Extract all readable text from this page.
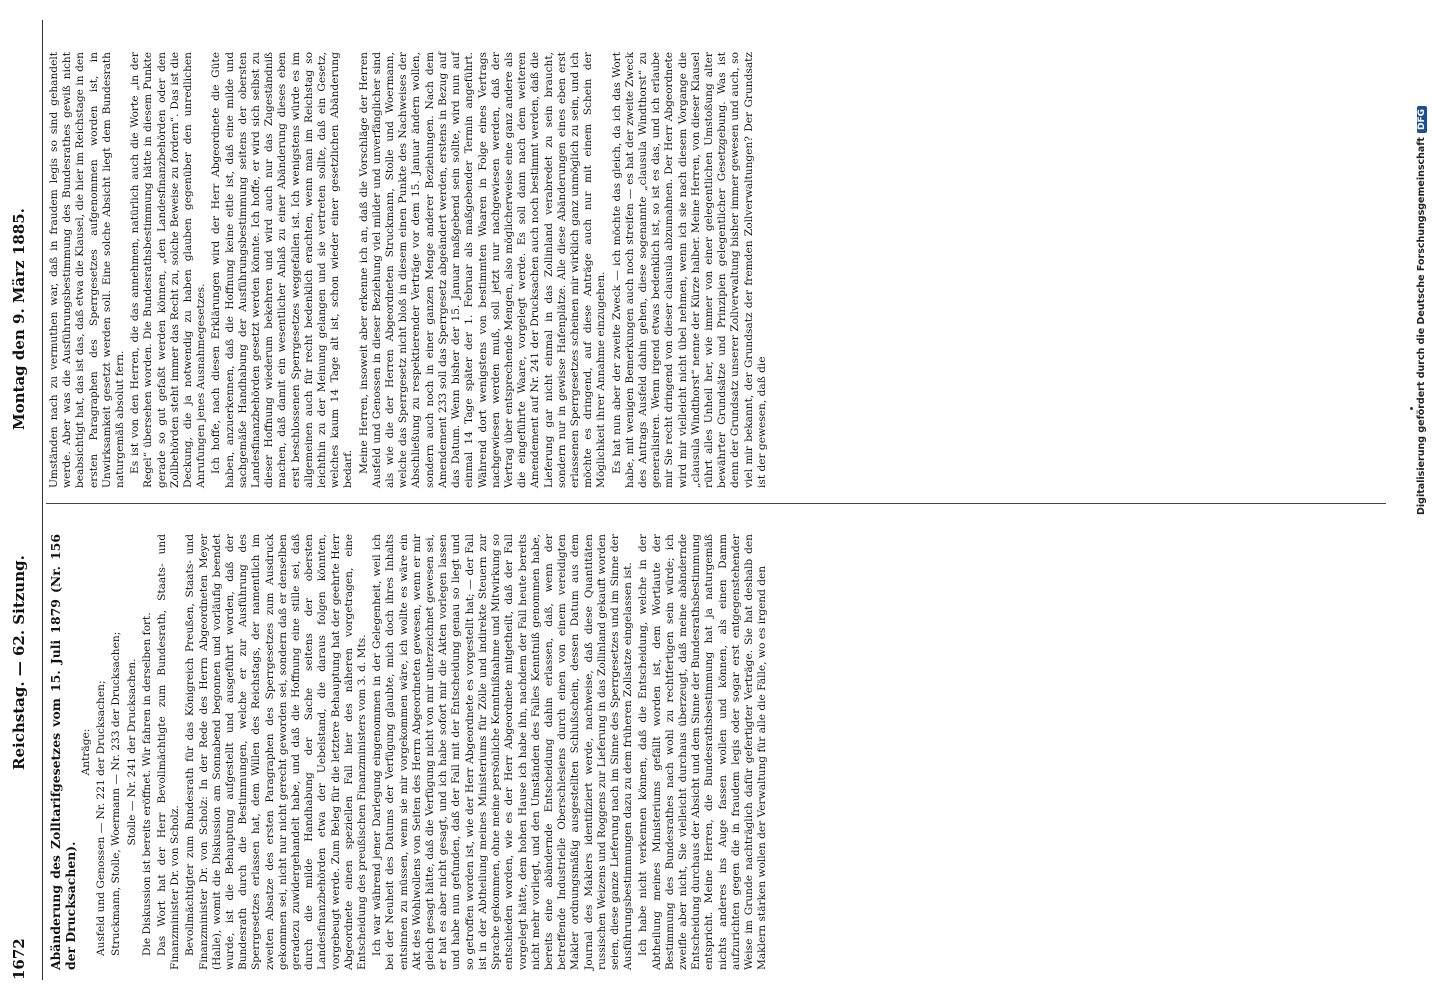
1672
Reichstag. — 62. Sitzung.
Montag den 9. März 1885.

Abänderung des Zolltarifgesetzes vom 15. Juli 1879 (Nr. 156 der Drucksachen).

Anträge: Ausfeld und Genossen — Nr. 221 der Drucksachen; Struckmann, Stolle, Woermann — Nr. 233 der Drucksachen; Stolle — Nr. 241 der Drucksachen. Die Diskussion ist bereits eröffnet. Wir fahren in derselben fort. Das Wort hat der Herr Bevollmächtigte zum Bundesrath, Staats- und Finanzminister Dr. von Scholz. Bevollmächtigter zum Bundesrath für das Königreich Preußen, Staats- und Finanzminister Dr. von Scholz: In der Rede des Herrn Abgeordneten Meyer (Halle), womit die Diskussion am Sonnabend begonnen und vorläufig beendet wurde, ist die Behauptung aufgestellt und ausgeführt worden, daß der Bundesrath durch die Bestimmungen, welche er zur Ausführung des Sperrgesetzes erlassen hat, dem Willen des Reichstags, der namentlich im zweiten Absatze des ersten Paragraphen des Sperrgesetzes zum Ausdruck gekommen sei, nicht nur nicht gerecht geworden sei, sondern daß er denselben geradezu zuwidergehandelt habe, und daß die Hoffnung eine stille sei, daß durch die milde Handhabung der Sache seitens der obersten Landesfinanzbehörden etwa der Uebelstand, die daraus folgen könnten, vorgebeugt werde. Zum Beleg für die letztere Behauptung hat der geehrte Herr Abgeordnete einen speziellen Fall hier des näheren vorgetragen, eine Entscheidung des preußischen Finanzministers vom 3. d. Mts. Ich war während jener Darlegung eingenommen in der Gelegenheit, weil ich bei der Neuheit des Datums der Verfügung glaubte, mich doch ihres Inhalts entsinnen zu müssen, wenn sie mir vorgekommen wäre, ich wollte es wäre ein Akt des Wohlwollens von Seiten des Herrn Abgeordneten gewesen, wenn er mir gleich gesagt hätte, daß die Verfügung nicht von mir unterzeichnet gewesen sei, er hat es aber nicht gesagt, und ich habe sofort mir die Akten vorlegen lassen und habe nun gefunden, daß der Fall mit der Entscheidung genau so liegt und so getroffen worden ist, wie der Herr Abgeordnete es vorgestellt hat; — der Fall ist in der Abtheilung meines Ministeriums für Zölle und indirekte Steuern zur Sprache gekommen, ohne meine persönliche Kenntnißnahme und Mitwirkung so entschieden worden, wie es der Herr Abgeordnete mitgetheilt, daß der Fall vorgelegt hätte, dem hohen Hause ich habe ihn, nachdem der Fall heute bereits nicht mehr vorliegt, und den Umständen des Falles Kenntniß genommen habe, bereits eine abändernde Entscheidung dahin erlassen, daß, wenn der betreffende Industrielle Oberschlesiens durch einen von einem vereidigten Makler ordnungsmäßig ausgestellten Schlußschein, dessen Datum aus dem Journal des Maklers identifiziert werde, nachweise, daß diese Quantitäten russischen Weizens und Roggens zur Lieferung in das Zollinland gekauft worden seien, diese ganze Lieferung nach im Sinne des Sperrgesetzes und im Sinne der Ausführungsbestimmungen dazu zu dem früheren Zollsatze eingelassen ist. Ich habe nicht verkennen können, daß die Entscheidung, welche in der Abtheilung meines Ministeriums gefällt worden ist, dem Wortlaute der Bestimmung des Bundesrathes nach wohl zu rechtfertigen sein würde; ich zweifle aber nicht, Sie vielleicht durchaus überzeugt, daß meine abändernde Entscheidung durchaus der Absicht und dem Sinne der Bundesrathsbestimmung entspricht. Meine Herren, die Bundesrathsbestimmung hat ja naturgemäß nichts anderes ins Auge fassen wollen und können, als einen Damm aufzurichten gegen die in fraudem legis oder sogar erst entgegenstehender Weise im Grunde nachträglich dafür gefertigter Verträge. Sie hat deshalb den Maklern stärken wollen der Verwaltung für alle die Fälle, wo es irgend den

Umständen nach zu vermuthen war, daß in fraudem legis so sind gehandelt werde. Aber was die Ausführungsbestimmung des Bundesrathes gewiß nicht beabsichtigt hat, das ist das, daß etwa die Klausel, die hier im Reichstage in den ersten Paragraphen des Sperrgesetzes aufgenommen worden ist, in Unwirksamkeit gesetzt werden soll. Eine solche Absicht liegt dem Bundesrath naturgemäß absolut fern. Es ist von den Herren, die das annehmen, natürlich auch die Worte „in der Regel“ übersehen worden. Die Bundesrathsbestimmung hätte in diesem Punkte gerade so gut gefaßt werden können, „den Landesfinanzbehörden oder den Zollbehörden steht immer das Recht zu, solche Beweise zu fordern“. Das ist die Deckung, die ja notwendig zu haben glauben gegenüber den unredlichen Anrufungen jenes Ausnahmegesetzes. Ich hoffe, nach diesen Erklärungen wird der Herr Abgeordnete die Güte haben, anzuerkennen, daß die Hoffnung keine eitle ist, daß eine milde und sachgemäße Handhabung der Ausführungsbestimmung seitens der obersten Landesfinanzbehörden gesetzt werden könnte. Ich hoffe, er wird sich selbst zu dieser Hoffnung wiederum bekehren und wird auch nur das Zugeständniß machen, daß damit ein wesentlicher Anlaß zu einer Abänderung dieses eben erst beschlossenen Sperrgesetzes weggefallen ist. Ich wenigstens würde es im allgemeinen auch für recht bedenklich erachten, wenn man im Reichstag so leichthin zu der Meinung gelangen und sie vertreten sollte, daß ein Gesetz, welches kaum 14 Tage alt ist, schon wieder einer gesetzlichen Abänderung bedarf. Meine Herren, insoweit aber erkenne ich an, daß die Vorschläge der Herren Ausfeld und Genossen in dieser Beziehung viel milder und unverfänglicher sind als wie die der Herren Abgeordneten Struckmann, Stolle und Woermann, welche das Sperrgesetz nicht bloß in diesem einen Punkte des Nachweises der Abschließung zu respektierender Verträge vor dem 15. Januar ändern wollen, sondern auch noch in einer ganzen Menge anderer Beziehungen. Nach dem Amendement 233 soll das Sperrgesetz abgeändert werden, erstens in Bezug auf das Datum. Wenn bisher der 15. Januar maßgebend sein sollte, wird nun auf einmal 14 Tage später der 1. Februar als maßgebender Termin angeführt. Während dort wenigstens von bestimmten Waaren in Folge eines Vertrags nachgewiesen werden muß, soll jetzt nur nachgewiesen werden, daß der Vertrag über entsprechende Mengen, also möglicherweise eine ganz andere als die eingeführte Waare, vorgelegt werde. Es soll dann nach dem weiteren Amendement auf Nr. 241 der Drucksachen auch noch bestimmt werden, daß die Lieferung gar nicht einmal in das Zollinland verabredet zu sein braucht, sondern nur in gewisse Hafenplätze. Alle diese Abänderungen eines eben erst erlassenen Sperrgesetzes scheinen mir wirklich ganz unmöglich zu sein, und ich möchte es dringend, auf diese Anträge auch nur mit einem Schein der Möglichkeit ihrer Annahme einzugehen. Es hat nun aber der zweite Zweck — ich möchte das gleich, da ich das Wort habe, mit wenigen Bemerkungen auch noch streifen — es hat der zweite Zweck des Antrags Ausfeld dahin gehen, diese sogenannte „clausula Windthorst“ zu generalisiren. Wenn irgend etwas bedenklich ist, so ist es das, und ich erlaube mir Sie recht dringend von dieser clausula abzumahnen. Der Herr Abgeordnete wird mir vielleicht nicht übel nehmen, wenn ich sie nach diesem Vorgange die „clausula Windthorst“ nenne der Kürze halber. Meine Herren, von dieser Klausel rührt alles Unheil her, wie immer von einer gelegentlichen Umstoßung alter bewährter Grundsätze und Prinzipien gelegentlicher Gesetzgebung. Was ist denn der Grundsatz unserer Zollverwaltung bisher immer gewesen und auch, so viel mir bekannt, der Grundsatz der fremden Zollverwaltungen? Der Grundsatz ist der gewesen, daß die	Digitalisierung gefördert durch die Deutsche ForschungsgemeinschaftDFG
